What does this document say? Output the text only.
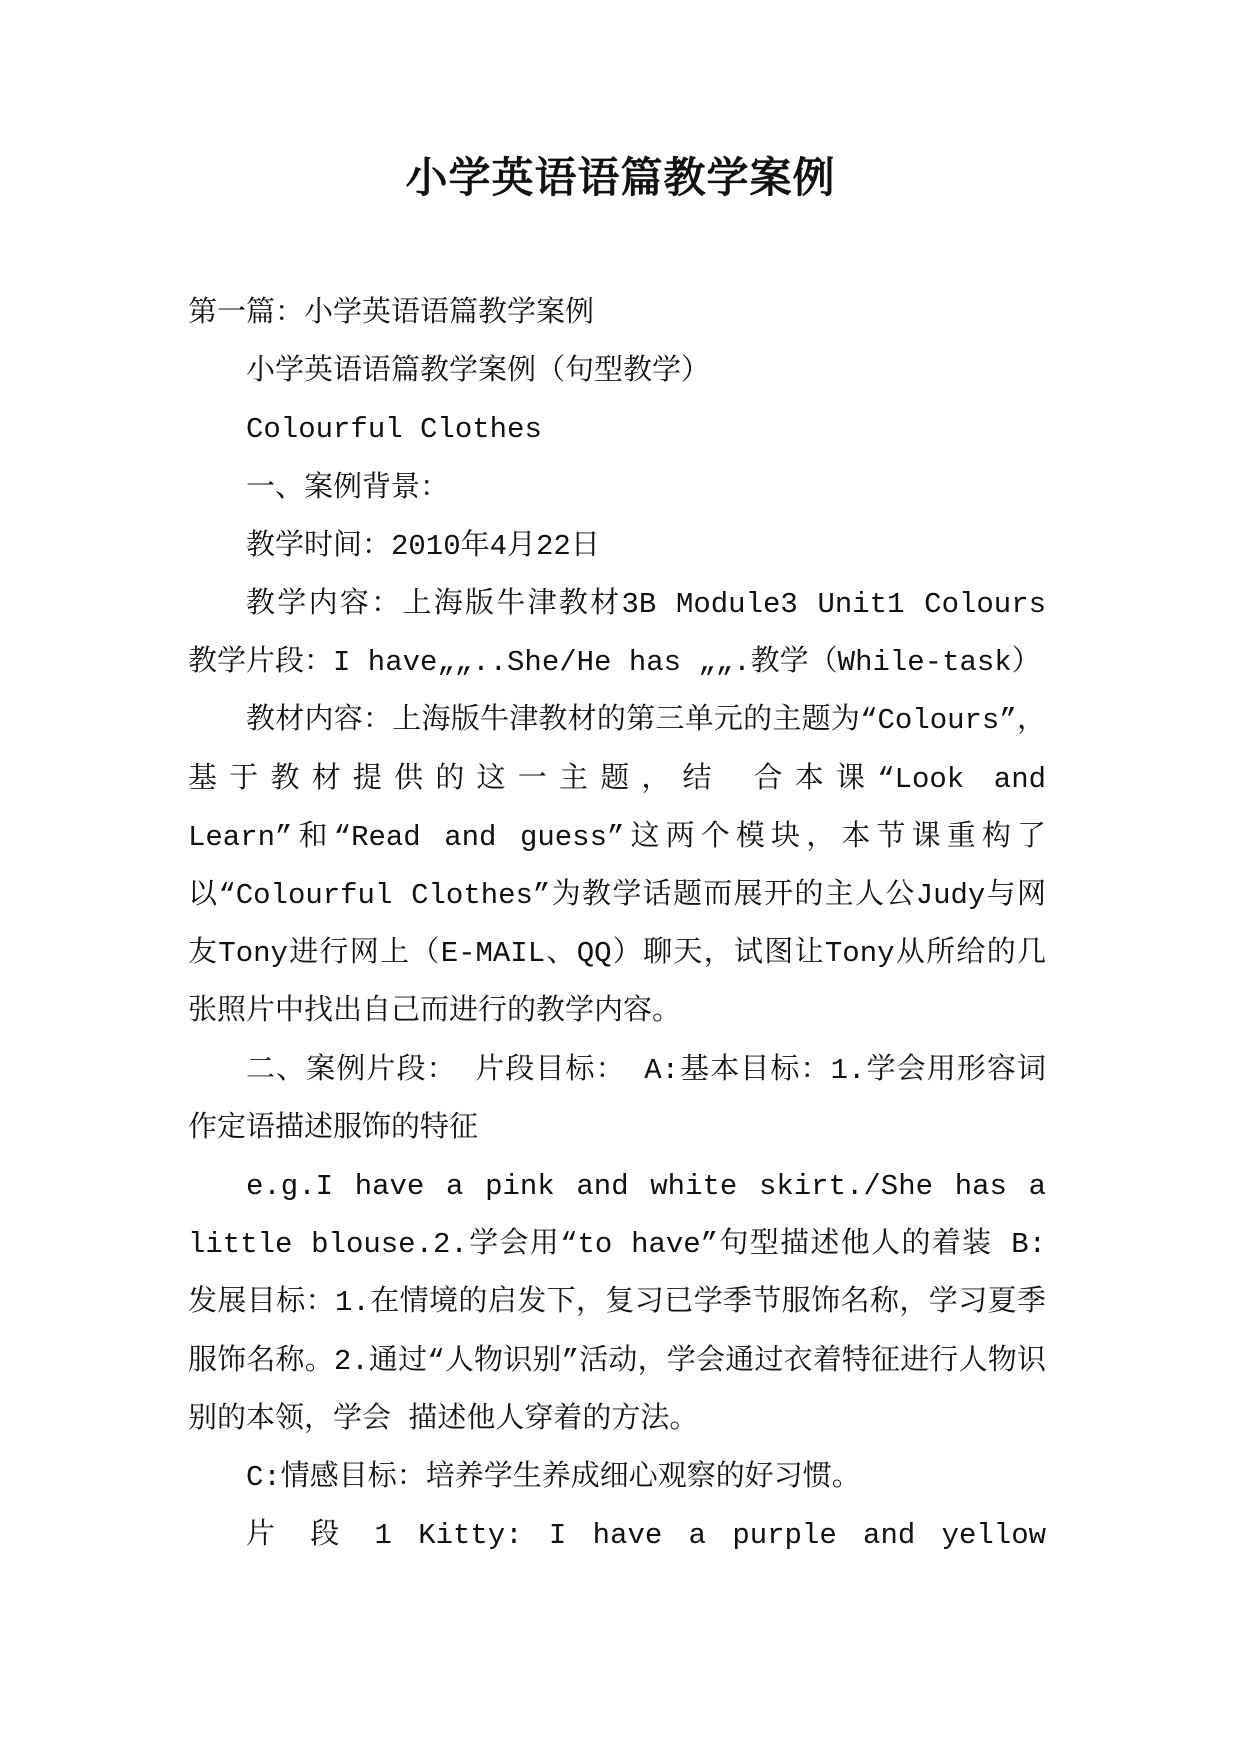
小学英语语篇教学案例

第一篇：小学英语语篇教学案例

小学英语语篇教学案例（句型教学）

Colourful Clothes

一、案例背景：

教学时间：2010年4月22日

教学内容：上海版牛津教材3B Module3 Unit1 Colours 教学片段：I have„„..She/He has „„.教学（While-task）

教材内容：上海版牛津教材的第三单元的主题为“Colours”，基于教材提供的这一主题，结 合本课“Look and Learn”和“Read and guess”这两个模块，本节课重构了以“Colourful Clothes”为教学话题而展开的主人公Judy与网友Tony进行网上（E-MAIL、QQ）聊天，试图让Tony从所给的几张照片中找出自己而进行的教学内容。

二、案例片段： 片段目标： A:基本目标：1.学会用形容词作定语描述服饰的特征

e.g.I have a pink and white skirt./She has a little blouse.2.学会用“to have”句型描述他人的着装 B:发展目标：1.在情境的启发下，复习已学季节服饰名称，学习夏季服饰名称。2.通过“人物识别”活动，学会通过衣着特征进行人物识别的本领，学会 描述他人穿着的方法。

C:情感目标：培养学生养成细心观察的好习惯。

片 段 1 Kitty: I have a purple and yellow
